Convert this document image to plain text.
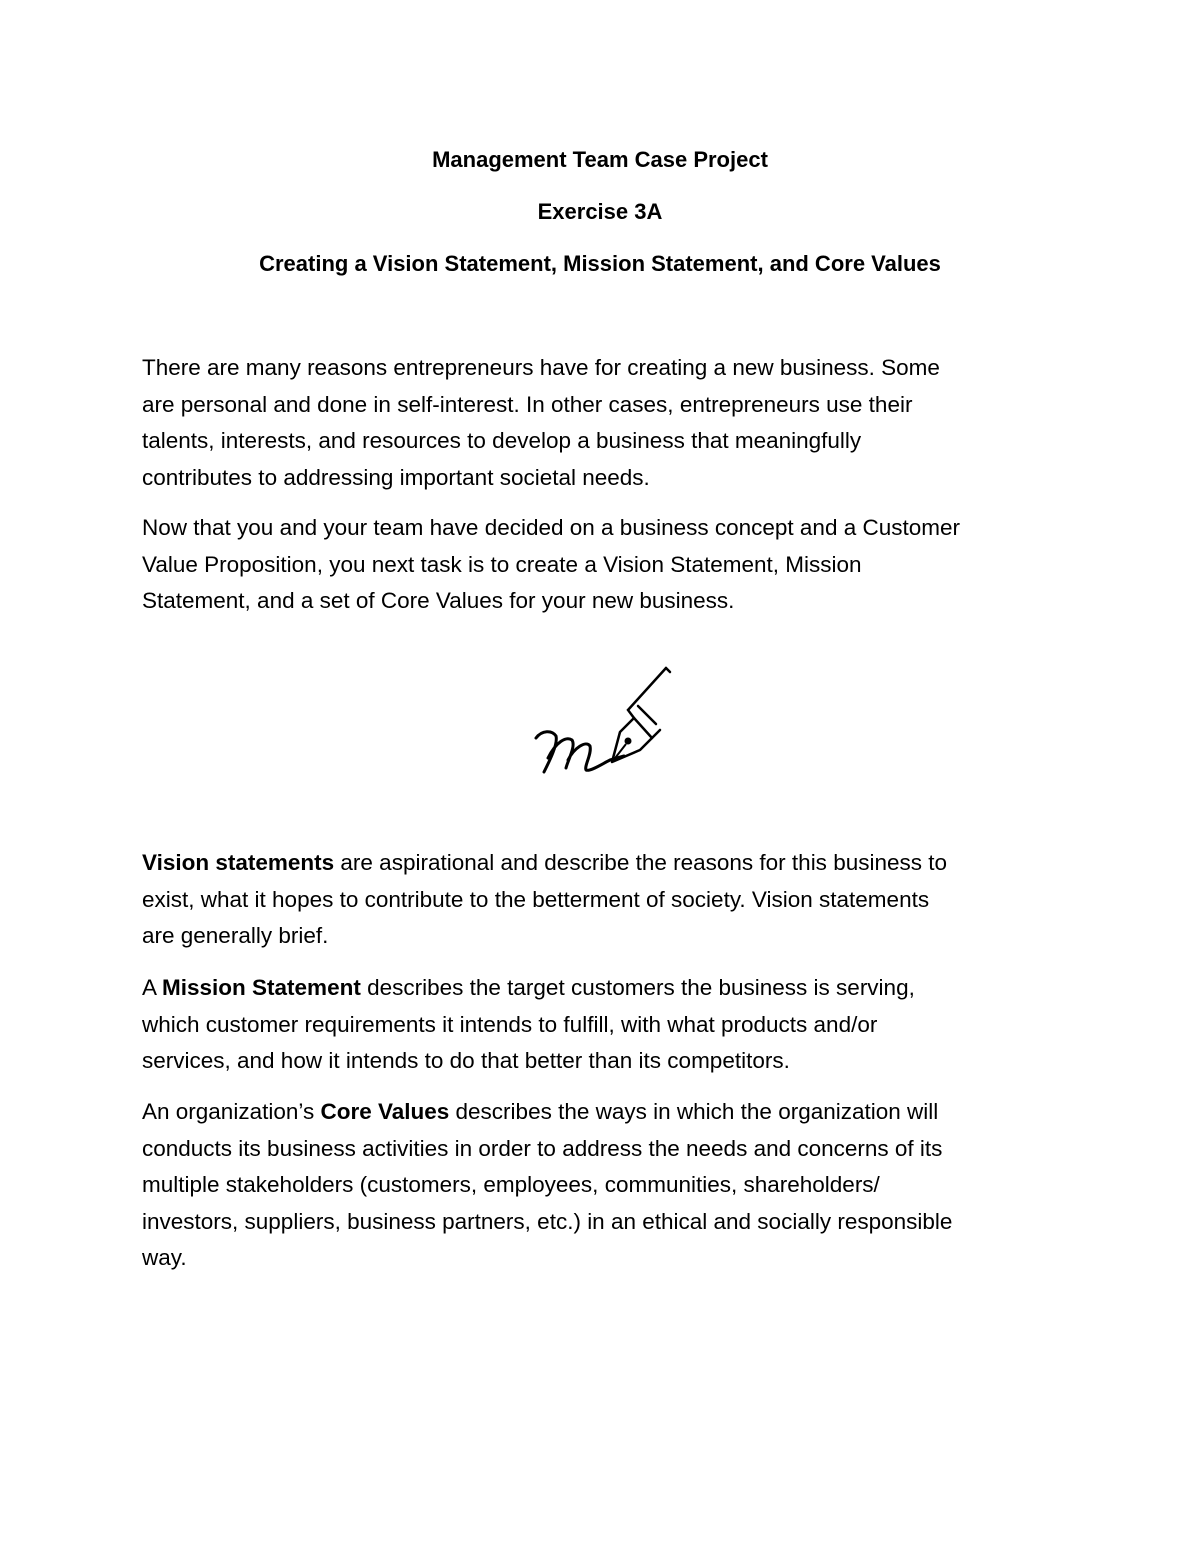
Management Team Case Project

Exercise 3A

Creating a Vision Statement, Mission Statement, and Core Values

There are many reasons entrepreneurs have for creating a new business. Some
are personal and done in self-interest. In other cases, entrepreneurs use their
talents, interests, and resources to develop a business that meaningfully
contributes to addressing important societal needs.

Now that you and your team have decided on a business concept and a Customer
Value Proposition, you next task is to create a Vision Statement, Mission
Statement, and a set of Core Values for your new business.

Vision statements are aspirational and describe the reasons for this business to
exist, what it hopes to contribute to the betterment of society. Vision statements
are generally brief.

A Mission Statement describes the target customers the business is serving,
which customer requirements it intends to fulfill, with what products and/or
services, and how it intends to do that better than its competitors.

An organization’s Core Values describes the ways in which the organization will
conducts its business activities in order to address the needs and concerns of its
multiple stakeholders (customers, employees, communities, shareholders/
investors, suppliers, business partners, etc.) in an ethical and socially responsible
way.
